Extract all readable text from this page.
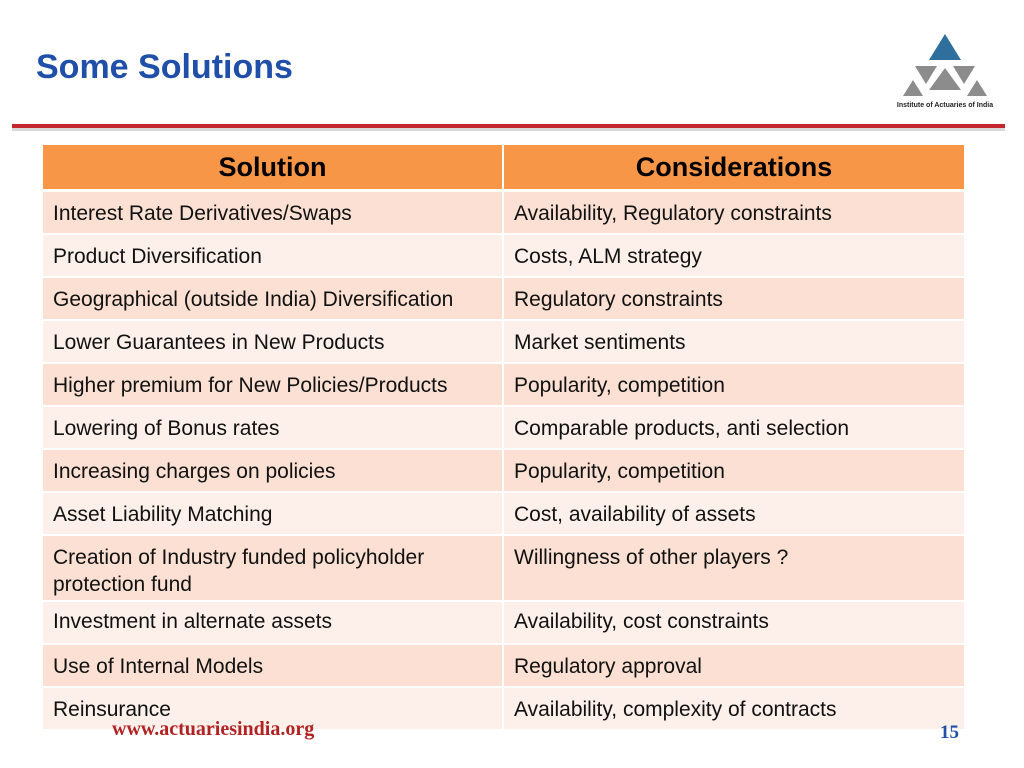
Some Solutions
Institute of Actuaries of India
Solution	Considerations
Interest Rate Derivatives/Swaps	Availability, Regulatory constraints
Product Diversification	Costs, ALM strategy
Geographical (outside India) Diversification	Regulatory constraints
Lower Guarantees in New Products	Market sentiments
Higher premium for New Policies/Products	Popularity, competition
Lowering of Bonus rates	Comparable products, anti selection
Increasing charges on policies	Popularity, competition
Asset Liability Matching	Cost, availability of assets
Creation of Industry funded policyholder protection fund	Willingness of other players ?
Investment in alternate assets	Availability, cost constraints
Use of Internal Models	Regulatory approval
Reinsurance	Availability, complexity of contracts
www.actuariesindia.org	15
